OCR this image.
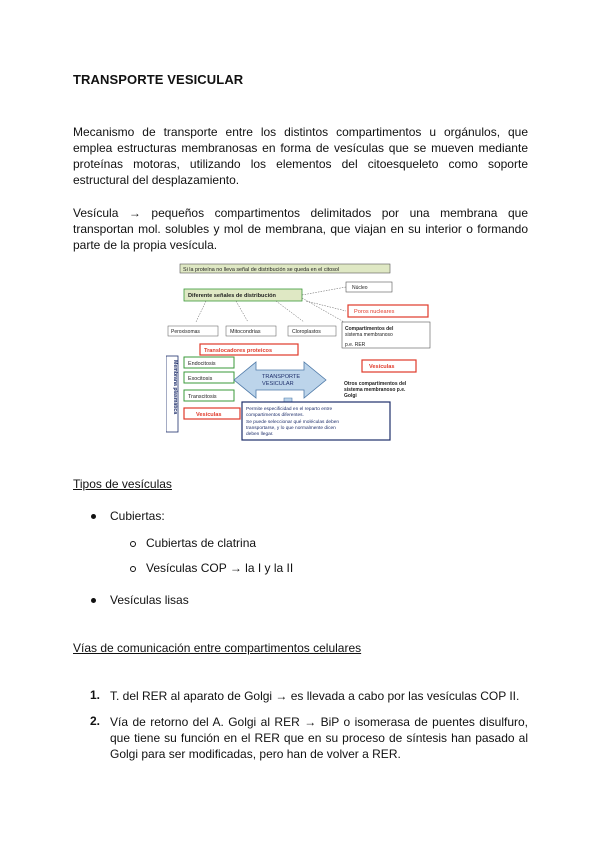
TRANSPORTE VESICULAR
Mecanismo de transporte entre los distintos compartimentos u orgánulos, que emplea estructuras membranosas en forma de vesículas que se mueven mediante proteínas motoras, utilizando los elementos del citoesqueleto como soporte estructural del desplazamiento.
Vesícula → pequeños compartimentos delimitados por una membrana que transportan mol. solubles y mol de membrana, que viajan en su interior o formando parte de la propia vesícula.
Si la proteína no lleva señal de distribución se queda en el citosol
Núcleo
Diferente señales de distribución
Poros nucleares
Peroxisomas	Mitocondrias	Cloroplastos	Compartimentos del
sistema membranoso
p.e. RER
Translocadores proteicos
Membrana plasmática Endocitosis
Exocitosis
Transcitosis
Vesículas
TRANSPORTE
VESICULAR
Vesículas
Otros compartimentos del
sistema membranoso p.e.
Golgi
Permite especificidad en el reparto entre
compartimentos diferentes.
Se puede seleccionar qué moléculas deben
transportarse, y lo que normalmente dicen
deben llegar.
Tipos de vesículas
Cubiertas:
Cubiertas de clatrina
Vesículas COP → la I y la II
Vesículas lisas
Vías de comunicación entre compartimentos celulares
1. T. del RER al aparato de Golgi → es llevada a cabo por las vesículas COP II.
2. Vía de retorno del A. Golgi al RER → BiP o isomerasa de puentes disulfuro, que tiene su función en el RER que en su proceso de síntesis han pasado al Golgi para ser modificadas, pero han de volver a RER.
